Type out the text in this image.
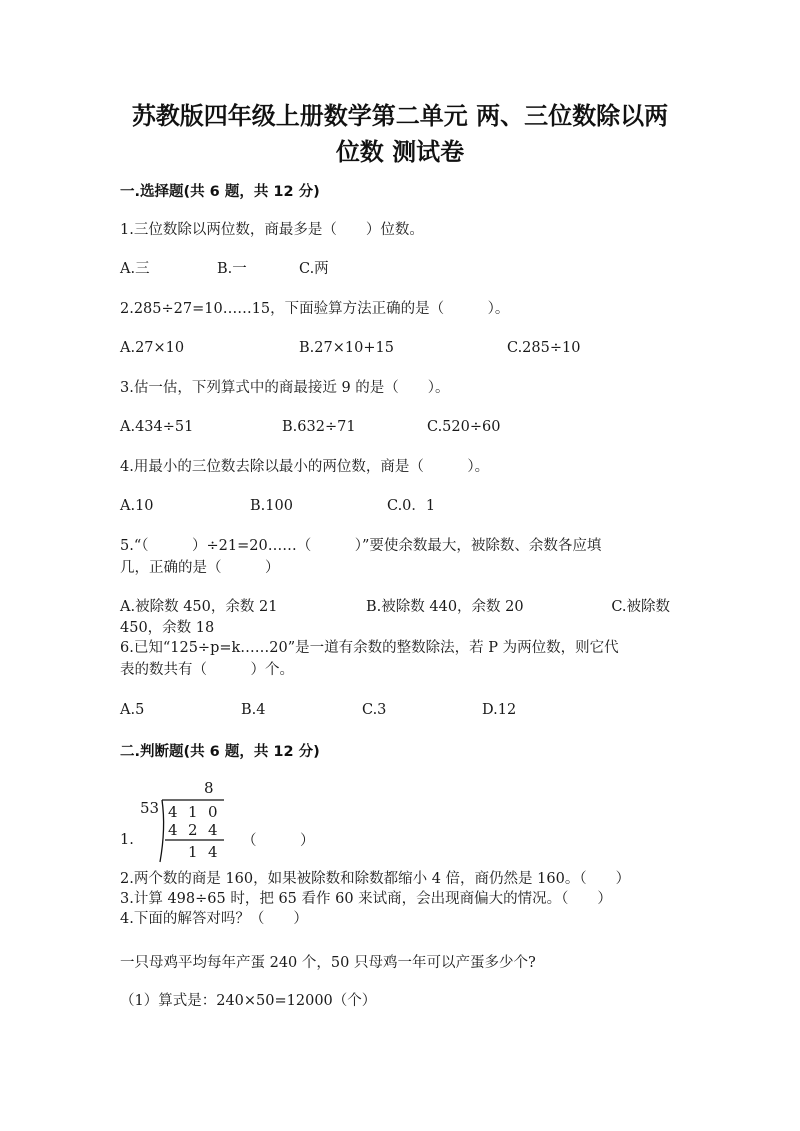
苏教版四年级上册数学第二单元 两、三位数除以两
位数 测试卷
一.选择题(共 6 题，共 12 分)
1.三位数除以两位数，商最多是（　　）位数。
A.三	B.一	C.两
2.285÷27=10……15，下面验算方法正确的是（　　　）。
A.27×10	B.27×10+15	C.285÷10
3.估一估，下列算式中的商最接近 9 的是（　　）。
A.434÷51	B.632÷71	C.520÷60
4.用最小的三位数去除以最小的两位数，商是（　　　）。
A.10	B.100	C.0．1
5.“（　　　）÷21=20……（　　　）”要使余数最大，被除数、余数各应填
几，正确的是（　　　）
A.被除数 450，余数 21	B.被除数 440，余数 20	C.被除数
450，余数 18
6.已知“125÷p=k……20”是一道有余数的整数除法，若 P 为两位数，则它代
表的数共有（　　　）个。
A.5	B.4	C.3	D.12
二.判断题(共 6 题，共 12 分)
1.
53
8
4 1 0
4 2 4
1 4
（　　　）
2.两个数的商是 160，如果被除数和除数都缩小 4 倍，商仍然是 160。（　　）
3.计算 498÷65 时，把 65 看作 60 来试商，会出现商偏大的情况。（　　）
4.下面的解答对吗？（　　）
一只母鸡平均每年产蛋 240 个，50 只母鸡一年可以产蛋多少个?
（1）算式是：240×50=12000（个）
